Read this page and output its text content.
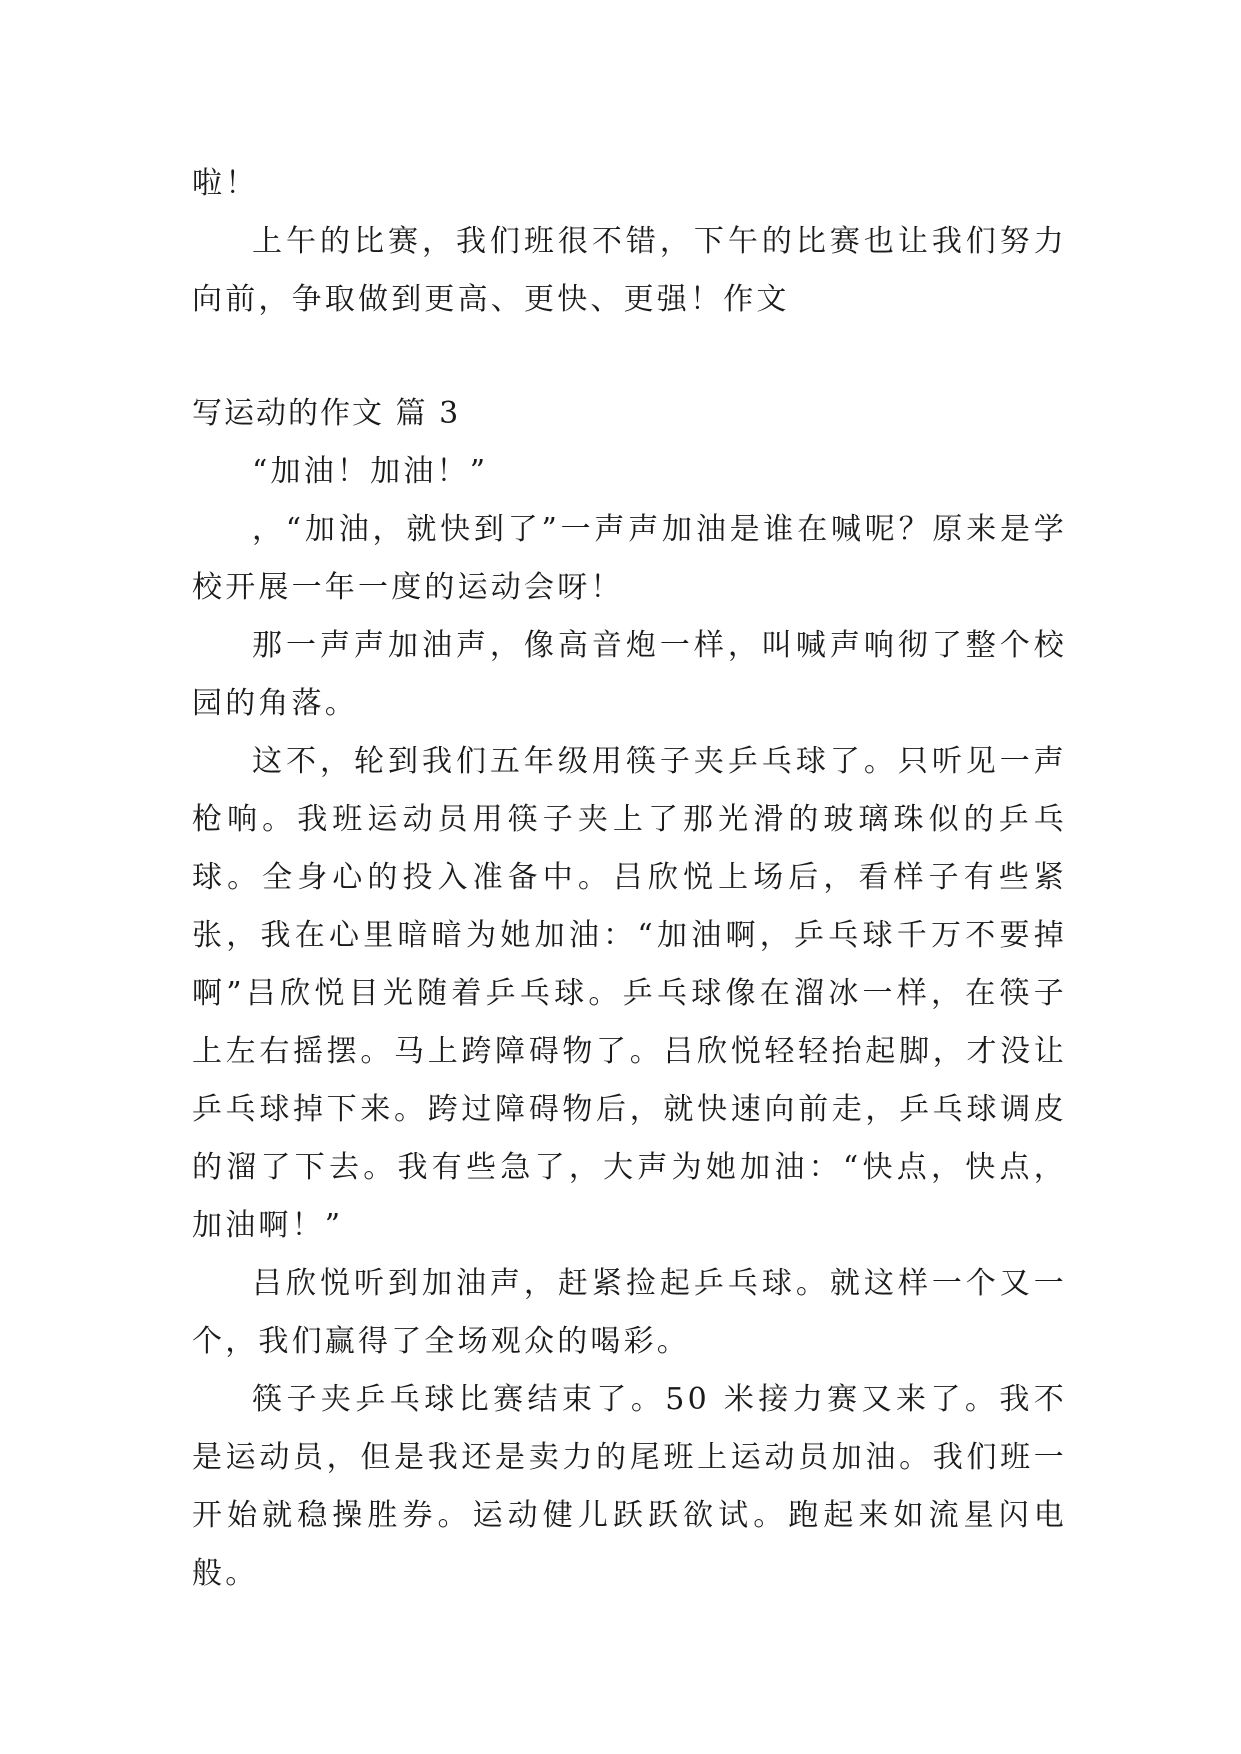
啦！

上午的比赛，我们班很不错，下午的比赛也让我们努力向前，争取做到更高、更快、更强！作文

写运动的作文 篇 3

“加油！加油！”

，“加油，就快到了”一声声加油是谁在喊呢？原来是学校开展一年一度的运动会呀！

那一声声加油声，像高音炮一样，叫喊声响彻了整个校园的角落。

这不，轮到我们五年级用筷子夹乒乓球了。只听见一声枪响。我班运动员用筷子夹上了那光滑的玻璃珠似的乒乓球。全身心的投入准备中。吕欣悦上场后，看样子有些紧张，我在心里暗暗为她加油：“加油啊，乒乓球千万不要掉啊”吕欣悦目光随着乒乓球。乒乓球像在溜冰一样，在筷子上左右摇摆。马上跨障碍物了。吕欣悦轻轻抬起脚，才没让乒乓球掉下来。跨过障碍物后，就快速向前走，乒乓球调皮的溜了下去。我有些急了，大声为她加油：“快点，快点，加油啊！”

吕欣悦听到加油声，赶紧捡起乒乓球。就这样一个又一个，我们赢得了全场观众的喝彩。

筷子夹乒乓球比赛结束了。50 米接力赛又来了。我不是运动员，但是我还是卖力的尾班上运动员加油。我们班一开始就稳操胜券。运动健儿跃跃欲试。跑起来如流星闪电般。
